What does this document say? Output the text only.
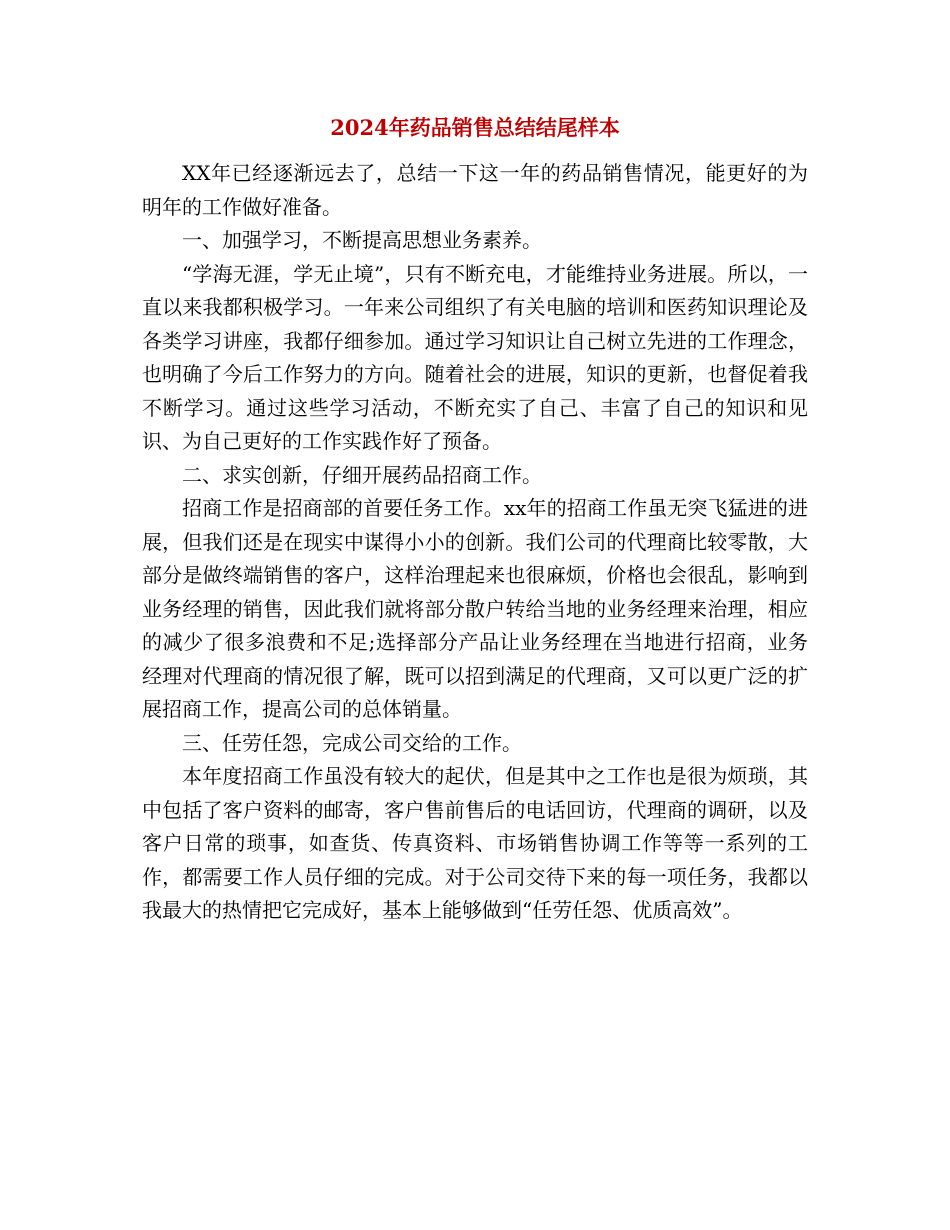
2024年药品销售总结结尾样本

XX年已经逐渐远去了，总结一下这一年的药品销售情况，能更好的为明年的工作做好准备。

一、加强学习，不断提高思想业务素养。

“学海无涯，学无止境”，只有不断充电，才能维持业务进展。所以，一直以来我都积极学习。一年来公司组织了有关电脑的培训和医药知识理论及各类学习讲座，我都仔细参加。通过学习知识让自己树立先进的工作理念，也明确了今后工作努力的方向。随着社会的进展，知识的更新，也督促着我不断学习。通过这些学习活动，不断充实了自己、丰富了自己的知识和见识、为自己更好的工作实践作好了预备。

二、求实创新，仔细开展药品招商工作。

招商工作是招商部的首要任务工作。xx年的招商工作虽无突飞猛进的进展，但我们还是在现实中谋得小小的创新。我们公司的代理商比较零散，大部分是做终端销售的客户，这样治理起来也很麻烦，价格也会很乱，影响到业务经理的销售，因此我们就将部分散户转给当地的业务经理来治理，相应的减少了很多浪费和不足;选择部分产品让业务经理在当地进行招商，业务经理对代理商的情况很了解，既可以招到满足的代理商，又可以更广泛的扩展招商工作，提高公司的总体销量。

三、任劳任怨，完成公司交给的工作。

本年度招商工作虽没有较大的起伏，但是其中之工作也是很为烦琐，其中包括了客户资料的邮寄，客户售前售后的电话回访，代理商的调研，以及客户日常的琐事，如查货、传真资料、市场销售协调工作等等一系列的工作，都需要工作人员仔细的完成。对于公司交待下来的每一项任务，我都以我最大的热情把它完成好，基本上能够做到“任劳任怨、优质高效”。
